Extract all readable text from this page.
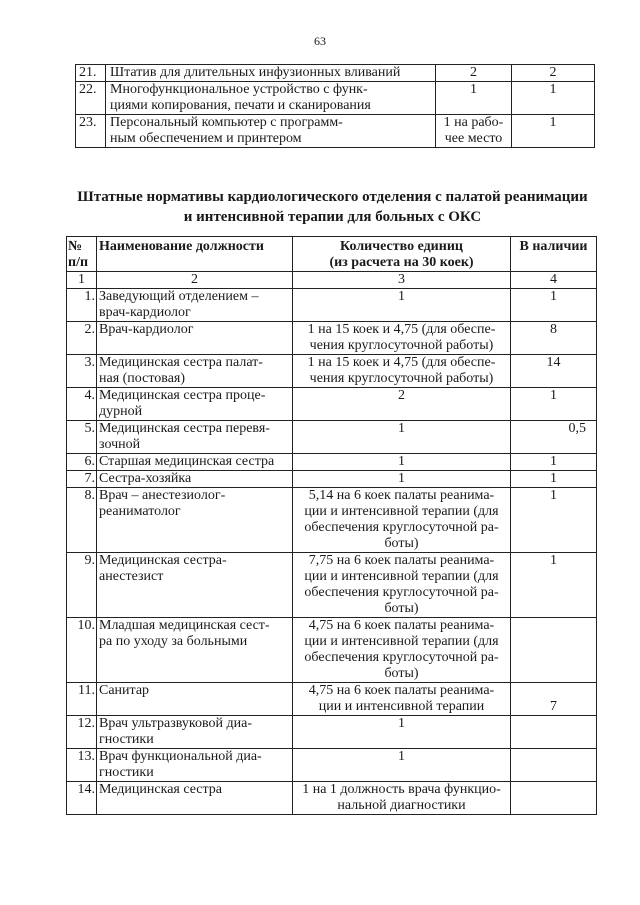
63
21.	Штатив для длительных инфузионных вливаний	2	2
22.	Многофункциональное устройство с функ-
циями копирования, печати и сканирования	1	1
23.	Персональный компьютер с программ-
ным обеспечением и принтером	1 на рабо-
чее место	1
Штатные нормативы кардиологического отделения с палатой реанимации
и интенсивной терапии для больных с ОКС
№
п/п	Наименование должности	Количество единиц
(из расчета на 30 коек)	В наличии
1	2	3	4
1.	Заведующий отделением –
врач-кардиолог	1	1
2.	Врач-кардиолог	1 на 15 коек и 4,75 (для обеспе-
чения круглосуточной работы)	8
3.	Медицинская сестра палат-
ная (постовая)	1 на 15 коек и 4,75 (для обеспе-
чения круглосуточной работы)	14
4.	Медицинская сестра проце-
дурной	2	1
5.	Медицинская сестра перевя-
зочной	1	0,5
6.	Старшая медицинская сестра	1	1
7.	Сестра-хозяйка	1	1
8.	Врач – анестезиолог-
реаниматолог	5,14 на 6 коек палаты реанима-
ции и интенсивной терапии (для
обеспечения круглосуточной ра-
боты)	1
9.	Медицинская сестра-
анестезист	7,75 на 6 коек палаты реанима-
ции и интенсивной терапии (для
обеспечения круглосуточной ра-
боты)	1
10.	Младшая медицинская сест-
ра по уходу за больными	4,75 на 6 коек палаты реанима-
ции и интенсивной терапии (для
обеспечения круглосуточной ра-
боты)	
11.	Санитар	4,75 на 6 коек палаты реанима-
ции и интенсивной терапии	7
12.	Врач ультразвуковой диа-
гностики	1	
13.	Врач функциональной диа-
гностики	1	
14.	Медицинская сестра	1 на 1 должность врача функцио-
нальной диагностики	
